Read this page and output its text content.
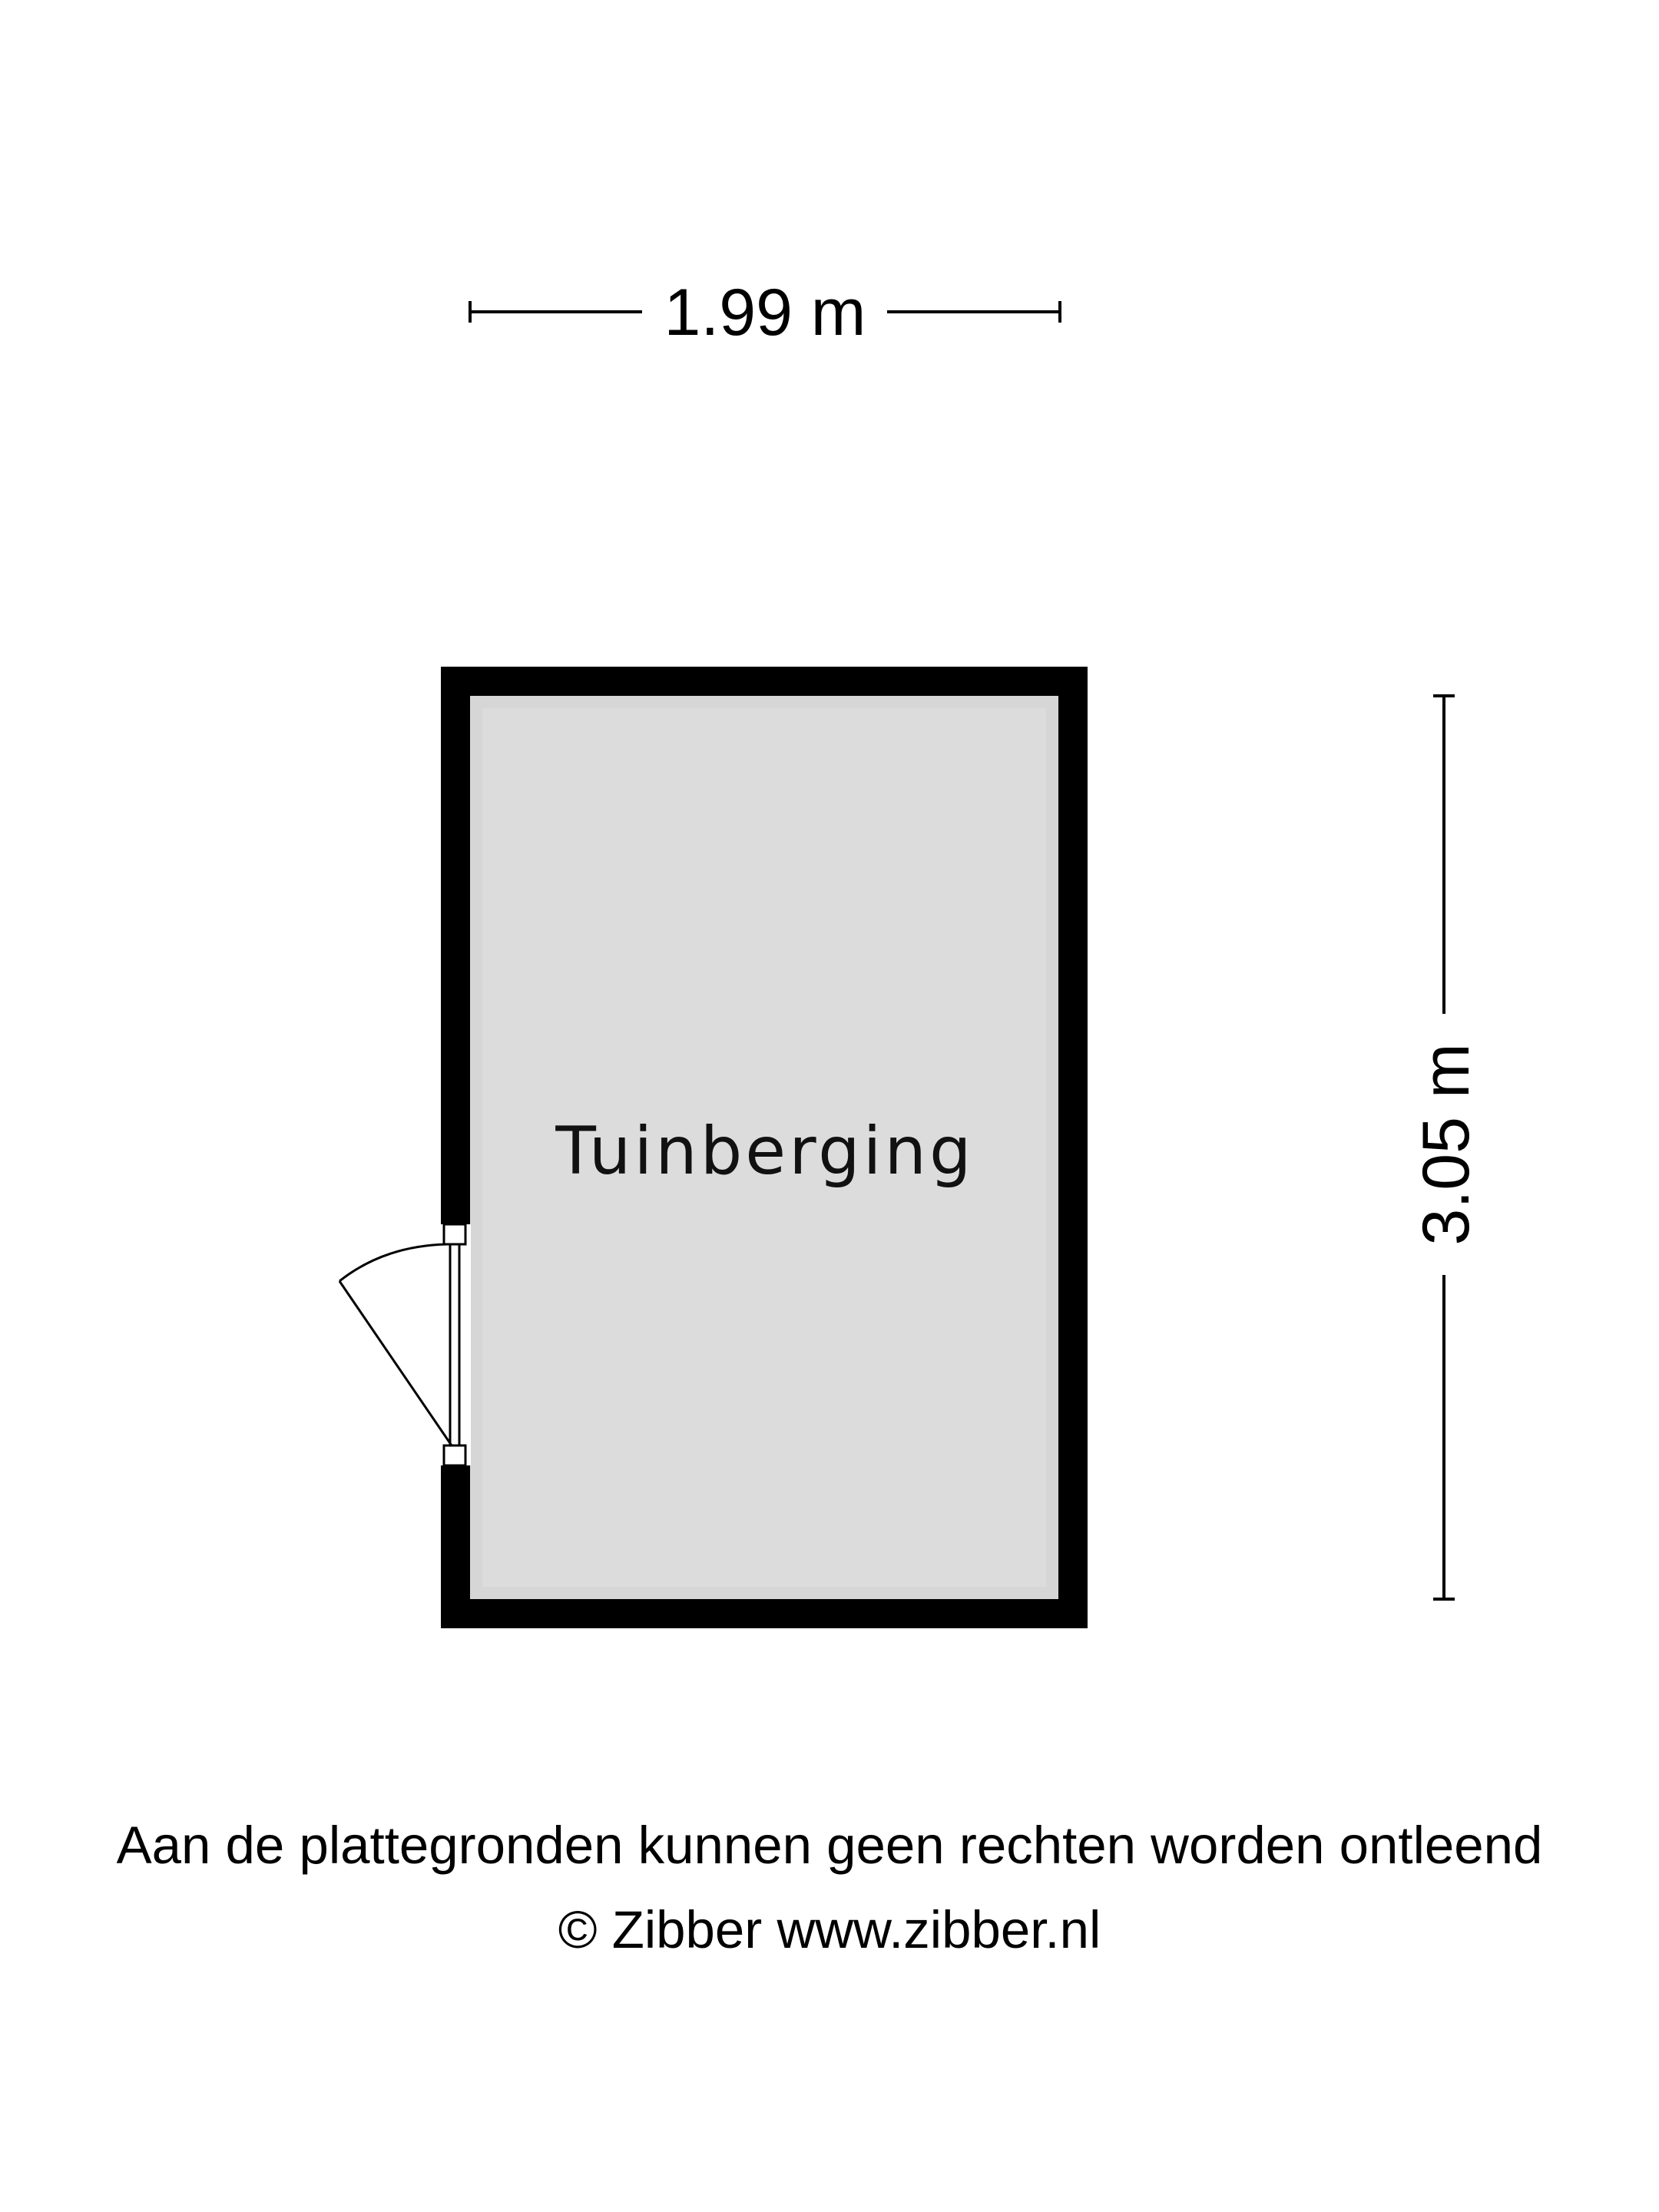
1.99 m
3.05 m
Tuinberging
Aan de plattegronden kunnen geen rechten worden ontleend
© Zibber www.zibber.nl
